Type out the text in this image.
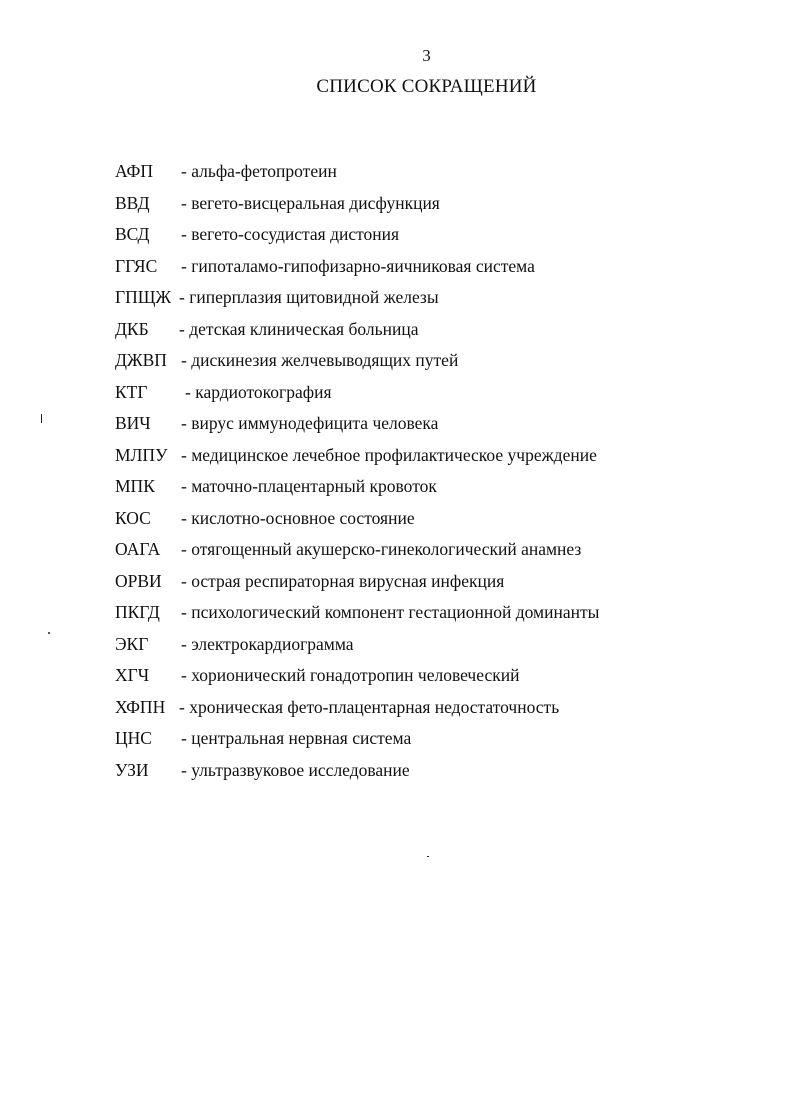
3
СПИСОК СОКРАЩЕНИЙ
АФП - альфа-фетопротеин
ВВД - вегето-висцеральная дисфункция
ВСД - вегето-сосудистая дистония
ГГЯС - гипоталамо-гипофизарно-яичниковая система
ГПЩЖ - гиперплазия щитовидной железы
ДКБ - детская клиническая больница
ДЖВП - дискинезия желчевыводящих путей
КТГ - кардиотокография
ВИЧ - вирус иммунодефицита человека
МЛПУ - медицинское лечебное профилактическое учреждение
МПК - маточно-плацентарный кровоток
КОС - кислотно-основное состояние
ОАГА - отягощенный акушерско-гинекологический анамнез
ОРВИ - острая респираторная вирусная инфекция
ПКГД - психологический компонент гестационной доминанты
ЭКГ - электрокардиограмма
ХГЧ - хорионический гонадотропин человеческий
ХФПН - хроническая фето-плацентарная недостаточность
ЦНС - центральная нервная система
УЗИ - ультразвуковое исследование
